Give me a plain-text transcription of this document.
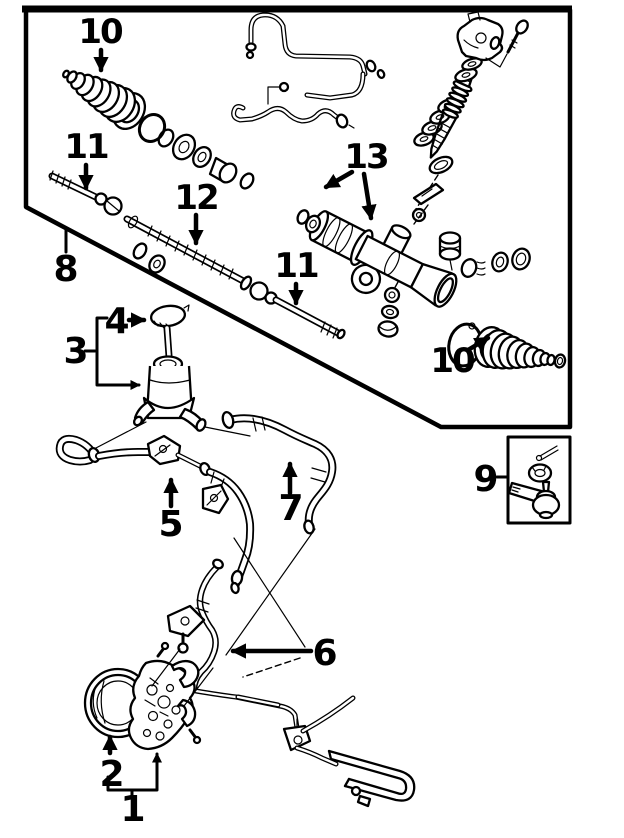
10
11
12
13
8	11
10
4
3
5	7
9
6
2
1
